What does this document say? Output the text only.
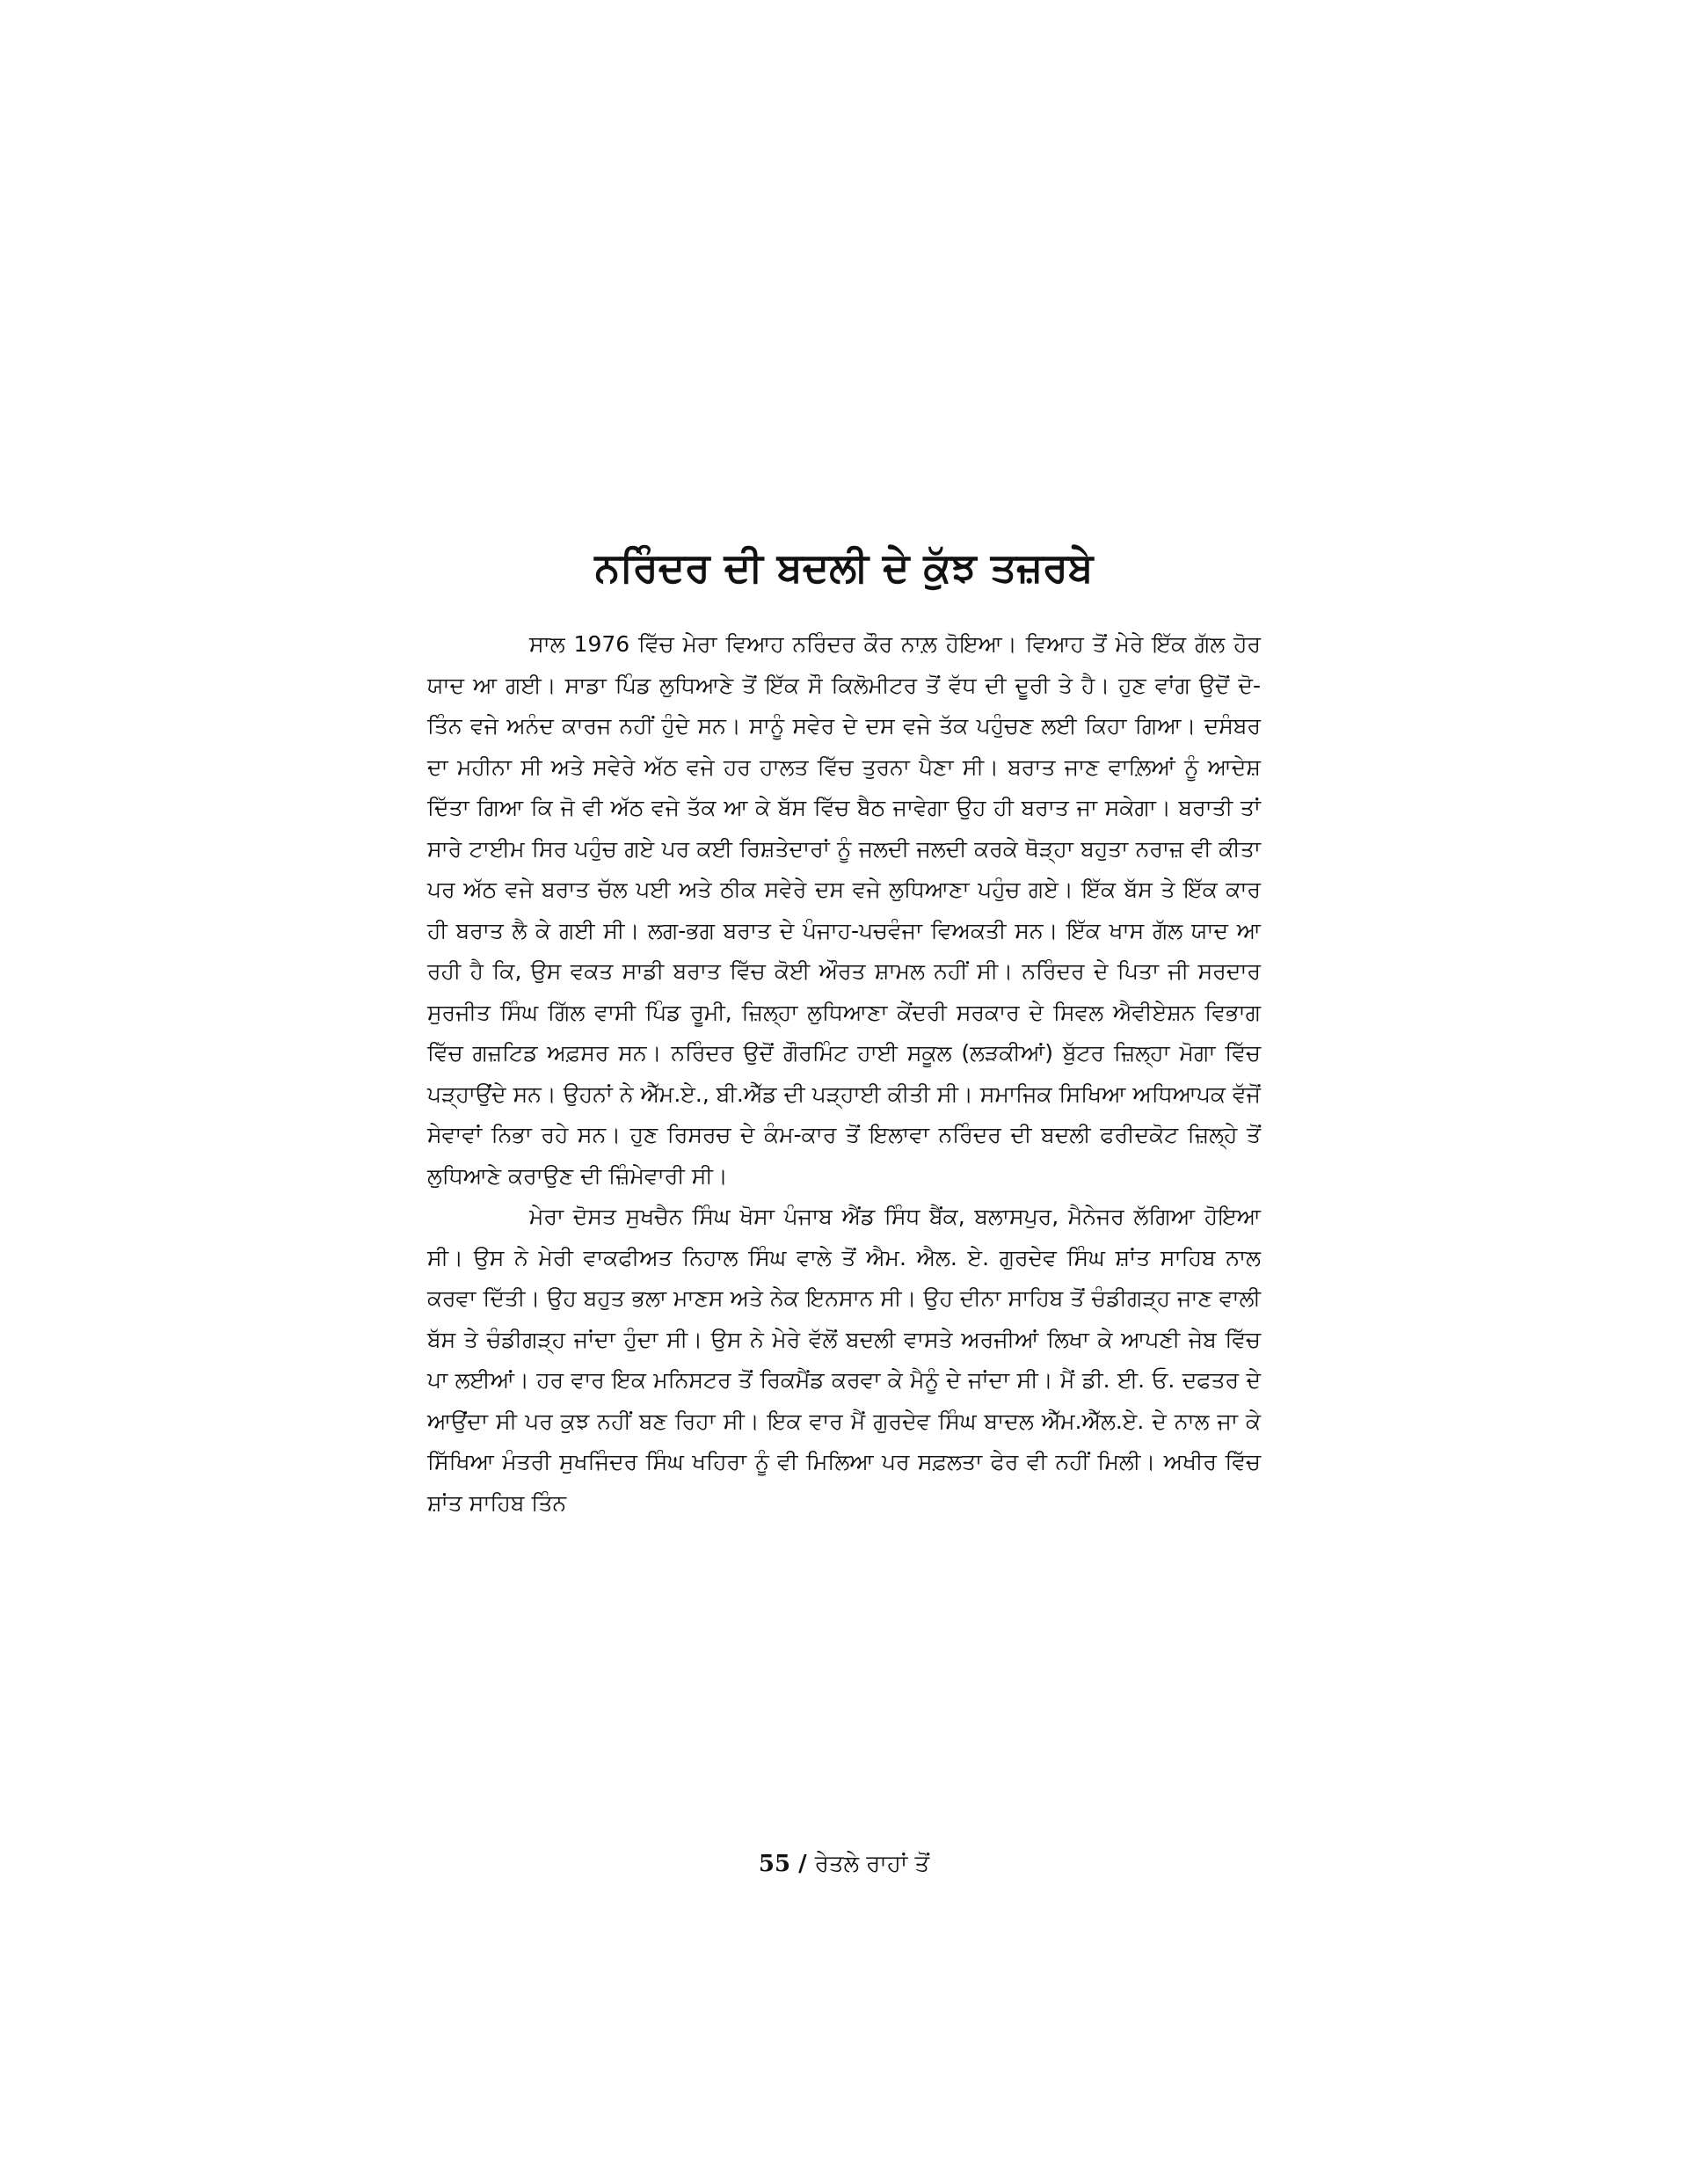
ਨਰਿੰਦਰ ਦੀ ਬਦਲੀ ਦੇ ਕੁੱਝ ਤਜ਼ਰਬੇ

ਸਾਲ 1976 ਵਿੱਚ ਮੇਰਾ ਵਿਆਹ ਨਰਿੰਦਰ ਕੌਰ ਨਾਲ਼ ਹੋਇਆ। ਵਿਆਹ ਤੋਂ ਮੇਰੇ ਇੱਕ ਗੱਲ ਹੋਰ ਯਾਦ ਆ ਗਈ। ਸਾਡਾ ਪਿੰਡ ਲੁਧਿਆਣੇ ਤੋਂ ਇੱਕ ਸੌ ਕਿਲੋਮੀਟਰ ਤੋਂ ਵੱਧ ਦੀ ਦੂਰੀ ਤੇ ਹੈ। ਹੁਣ ਵਾਂਗ ਉਦੋਂ ਦੋ-ਤਿੰਨ ਵਜੇ ਅਨੰਦ ਕਾਰਜ ਨਹੀਂ ਹੁੰਦੇ ਸਨ। ਸਾਨੂੰ ਸਵੇਰ ਦੇ ਦਸ ਵਜੇ ਤੱਕ ਪਹੁੰਚਣ ਲਈ ਕਿਹਾ ਗਿਆ। ਦਸੰਬਰ ਦਾ ਮਹੀਨਾ ਸੀ ਅਤੇ ਸਵੇਰੇ ਅੱਠ ਵਜੇ ਹਰ ਹਾਲਤ ਵਿੱਚ ਤੁਰਨਾ ਪੈਣਾ ਸੀ। ਬਰਾਤ ਜਾਣ ਵਾਲ਼ਿਆਂ ਨੂੰ ਆਦੇਸ਼ ਦਿੱਤਾ ਗਿਆ ਕਿ ਜੋ ਵੀ ਅੱਠ ਵਜੇ ਤੱਕ ਆ ਕੇ ਬੱਸ ਵਿੱਚ ਬੈਠ ਜਾਵੇਗਾ ਉਹ ਹੀ ਬਰਾਤ ਜਾ ਸਕੇਗਾ। ਬਰਾਤੀ ਤਾਂ ਸਾਰੇ ਟਾਈਮ ਸਿਰ ਪਹੁੰਚ ਗਏ ਪਰ ਕਈ ਰਿਸ਼ਤੇਦਾਰਾਂ ਨੂੰ ਜਲਦੀ ਜਲਦੀ ਕਰਕੇ ਥੋੜ੍ਹਾ ਬਹੁਤਾ ਨਰਾਜ਼ ਵੀ ਕੀਤਾ ਪਰ ਅੱਠ ਵਜੇ ਬਰਾਤ ਚੱਲ ਪਈ ਅਤੇ ਠੀਕ ਸਵੇਰੇ ਦਸ ਵਜੇ ਲੁਧਿਆਣਾ ਪਹੁੰਚ ਗਏ। ਇੱਕ ਬੱਸ ਤੇ ਇੱਕ ਕਾਰ ਹੀ ਬਰਾਤ ਲੈ ਕੇ ਗਈ ਸੀ। ਲਗ-ਭਗ ਬਰਾਤ ਦੇ ਪੰਜਾਹ-ਪਚਵੰਜਾ ਵਿਅਕਤੀ ਸਨ। ਇੱਕ ਖਾਸ ਗੱਲ ਯਾਦ ਆ ਰਹੀ ਹੈ ਕਿ, ਉਸ ਵਕਤ ਸਾਡੀ ਬਰਾਤ ਵਿੱਚ ਕੋਈ ਔਰਤ ਸ਼ਾਮਲ ਨਹੀਂ ਸੀ। ਨਰਿੰਦਰ ਦੇ ਪਿਤਾ ਜੀ ਸਰਦਾਰ ਸੁਰਜੀਤ ਸਿੰਘ ਗਿੱਲ ਵਾਸੀ ਪਿੰਡ ਰੂਮੀ, ਜ਼ਿਲ੍ਹਾ ਲੁਧਿਆਣਾ ਕੇਂਦਰੀ ਸਰਕਾਰ ਦੇ ਸਿਵਲ ਐਵੀਏਸ਼ਨ ਵਿਭਾਗ ਵਿੱਚ ਗਜ਼ਟਿਡ ਅਫ਼ਸਰ ਸਨ। ਨਰਿੰਦਰ ਉਦੋਂ ਗੌਰਮਿੰਟ ਹਾਈ ਸਕੂਲ (ਲੜਕੀਆਂ) ਬੁੱਟਰ ਜ਼ਿਲ੍ਹਾ ਮੋਗਾ ਵਿੱਚ ਪੜ੍ਹਾਉਂਦੇ ਸਨ। ਉਹਨਾਂ ਨੇ ਐੱਮ.ਏ., ਬੀ.ਐੱਡ ਦੀ ਪੜ੍ਹਾਈ ਕੀਤੀ ਸੀ। ਸਮਾਜਿਕ ਸਿਖਿਆ ਅਧਿਆਪਕ ਵੱਜੋਂ ਸੇਵਾਵਾਂ ਨਿਭਾ ਰਹੇ ਸਨ। ਹੁਣ ਰਿਸਰਚ ਦੇ ਕੰਮ-ਕਾਰ ਤੋਂ ਇਲਾਵਾ ਨਰਿੰਦਰ ਦੀ ਬਦਲੀ ਫਰੀਦਕੋਟ ਜ਼ਿਲ੍ਹੇ ਤੋਂ ਲੁਧਿਆਣੇ ਕਰਾਉਣ ਦੀ ਜ਼ਿੰਮੇਵਾਰੀ ਸੀ।

ਮੇਰਾ ਦੋਸਤ ਸੁਖਚੈਨ ਸਿੰਘ ਖੋਸਾ ਪੰਜਾਬ ਐਂਡ ਸਿੰਧ ਬੈਂਕ, ਬਲਾਸਪੁਰ, ਮੈਨੇਜਰ ਲੱਗਿਆ ਹੋਇਆ ਸੀ। ਉਸ ਨੇ ਮੇਰੀ ਵਾਕਫੀਅਤ ਨਿਹਾਲ ਸਿੰਘ ਵਾਲੇ ਤੋਂ ਐਮ. ਐਲ. ਏ. ਗੁਰਦੇਵ ਸਿੰਘ ਸ਼ਾਂਤ ਸਾਹਿਬ ਨਾਲ ਕਰਵਾ ਦਿੱਤੀ। ਉਹ ਬਹੁਤ ਭਲਾ ਮਾਣਸ ਅਤੇ ਨੇਕ ਇਨਸਾਨ ਸੀ। ਉਹ ਦੀਨਾ ਸਾਹਿਬ ਤੋਂ ਚੰਡੀਗੜ੍ਹ ਜਾਣ ਵਾਲੀ ਬੱਸ ਤੇ ਚੰਡੀਗੜ੍ਹ ਜਾਂਦਾ ਹੁੰਦਾ ਸੀ। ਉਸ ਨੇ ਮੇਰੇ ਵੱਲੋਂ ਬਦਲੀ ਵਾਸਤੇ ਅਰਜੀਆਂ ਲਿਖਾ ਕੇ ਆਪਣੀ ਜੇਬ ਵਿੱਚ ਪਾ ਲਈਆਂ। ਹਰ ਵਾਰ ਇਕ ਮਨਿਸਟਰ ਤੋਂ ਰਿਕਮੈਂਡ ਕਰਵਾ ਕੇ ਮੈਨੂੰ ਦੇ ਜਾਂਦਾ ਸੀ। ਮੈਂ ਡੀ. ਈ. ਓ. ਦਫਤਰ ਦੇ ਆਉਂਦਾ ਸੀ ਪਰ ਕੁਝ ਨਹੀਂ ਬਣ ਰਿਹਾ ਸੀ। ਇਕ ਵਾਰ ਮੈਂ ਗੁਰਦੇਵ ਸਿੰਘ ਬਾਦਲ ਐੱਮ.ਐੱਲ.ਏ. ਦੇ ਨਾਲ ਜਾ ਕੇ ਸਿੱਖਿਆ ਮੰਤਰੀ ਸੁਖਜਿੰਦਰ ਸਿੰਘ ਖਹਿਰਾ ਨੂੰ ਵੀ ਮਿਲਿਆ ਪਰ ਸਫ਼ਲਤਾ ਫੇਰ ਵੀ ਨਹੀਂ ਮਿਲੀ। ਅਖੀਰ ਵਿੱਚ ਸ਼ਾਂਤ ਸਾਹਿਬ ਤਿੰਨ

55 / ਰੇਤਲੇ ਰਾਹਾਂ ਤੋਂ
